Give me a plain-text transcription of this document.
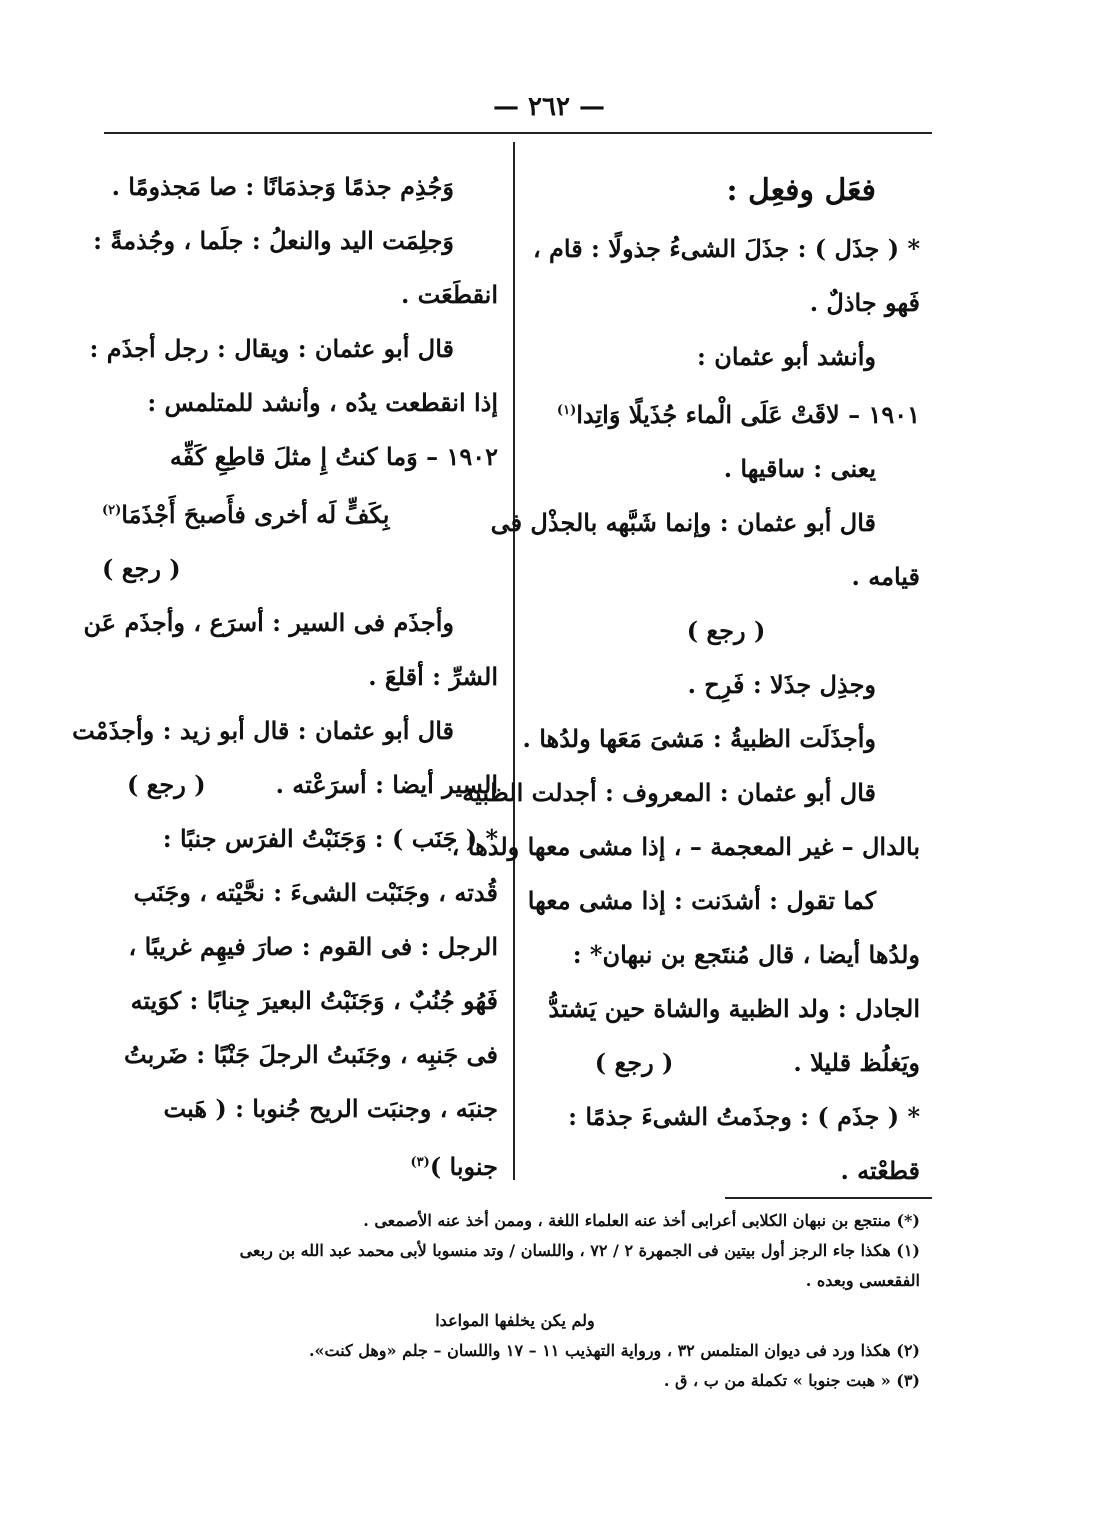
— ٢٦٢ —
فعَل وفعِل :
* ( جذَل ) : جذَلَ الشىءُ جذولًا : قام ،
فَهو جاذلٌ .
وأنشد أبو عثمان :
١٩٠١ – لاقَتْ عَلَى الْماء جُذَيلًا وَاتِدا$^{(١)}$
يعنى : ساقيها .
قال أبو عثمان : وإنما شَبَّهه بالجذْل فى
قيامه .
( رجع )
وجذِل جذَلا : فَرِح .
وأجذَلَت الظبيةُ : مَشىَ مَعَها ولدُها .
قال أبو عثمان : المعروف : أجدلت الظبية
بالدال – غير المعجمة – ، إذا مشى معها ولدها ،
كما تقول : أشدَنت : إذا مشى معها
ولدُها أيضا ، قال مُنتَجع بن نبهان* :
الجادل : ولد الظبية والشاة حين يَشتدُّ
ويَغلُظ قليلا .( رجع )
* ( جذَم ) : وجذَمتُ الشىءَ جذمًا :
قطعْته .
وَجُذِم جذمًا وَجذمَانًا : صا مَجذومًا .
وَجلِمَت اليد والنعلُ : جلَما ، وجُذمةً :
انقطَعَت .
قال أبو عثمان : ويقال : رجل أجذَم :
إذا انقطعت يدُه ، وأنشد للمتلمس :
١٩٠٢ – وَما كنتُ إِ مثلَ قاطِعِ كَفِّه
بِكَفٍّ لَه أخرى فأَصبحَ أَجْذَمَا$^{(٢)}$
( رجع )
وأجذَم فى السير : أسرَع ، وأجذَم عَن
الشرِّ : أقلعَ .
قال أبو عثمان : قال أبو زيد : وأجذَمْت
السير أيضا : أسرَعْته .( رجع )
* ( جَنَب ) : وَجَنَبْتُ الفرَس جنبًا :
قُدته ، وجَنَبْت الشىءَ : نحَّيْته ، وجَنَب
الرجل : فى القوم : صارَ فيهِم غريبًا ،
فَهُو جُنُبٌ ، وَجَنَبْتُ البعيرَ جِنابًا : كوَيته
فى جَنبِه ، وجَنَبتُ الرجلَ جَنْبًا : ضَربتُ
جنبَه ، وجنبَت الريح جُنوبا : ( هَبت
جنوبا )$^{(٣)}$
(*) منتجع بن نبهان الكلابى أعرابى أخذ عنه العلماء اللغة ، وممن أخذ عنه الأصمعى .
(١) هكذا جاء الرجز أول بيتين فى الجمهرة ٢ / ٧٢ ، واللسان / وتد منسوبا لأبى محمد عبد الله بن ربعى
الفقعسى وبعده .
ولم يكن يخلفها المواعدا
(٢) هكذا ورد فى ديوان المتلمس ٣٢ ، ورواية التهذيب ١١ – ١٧ واللسان – جلم «وهل كنت».
(٣) « هبت جنوبا » تكملة من ب ، ق .
